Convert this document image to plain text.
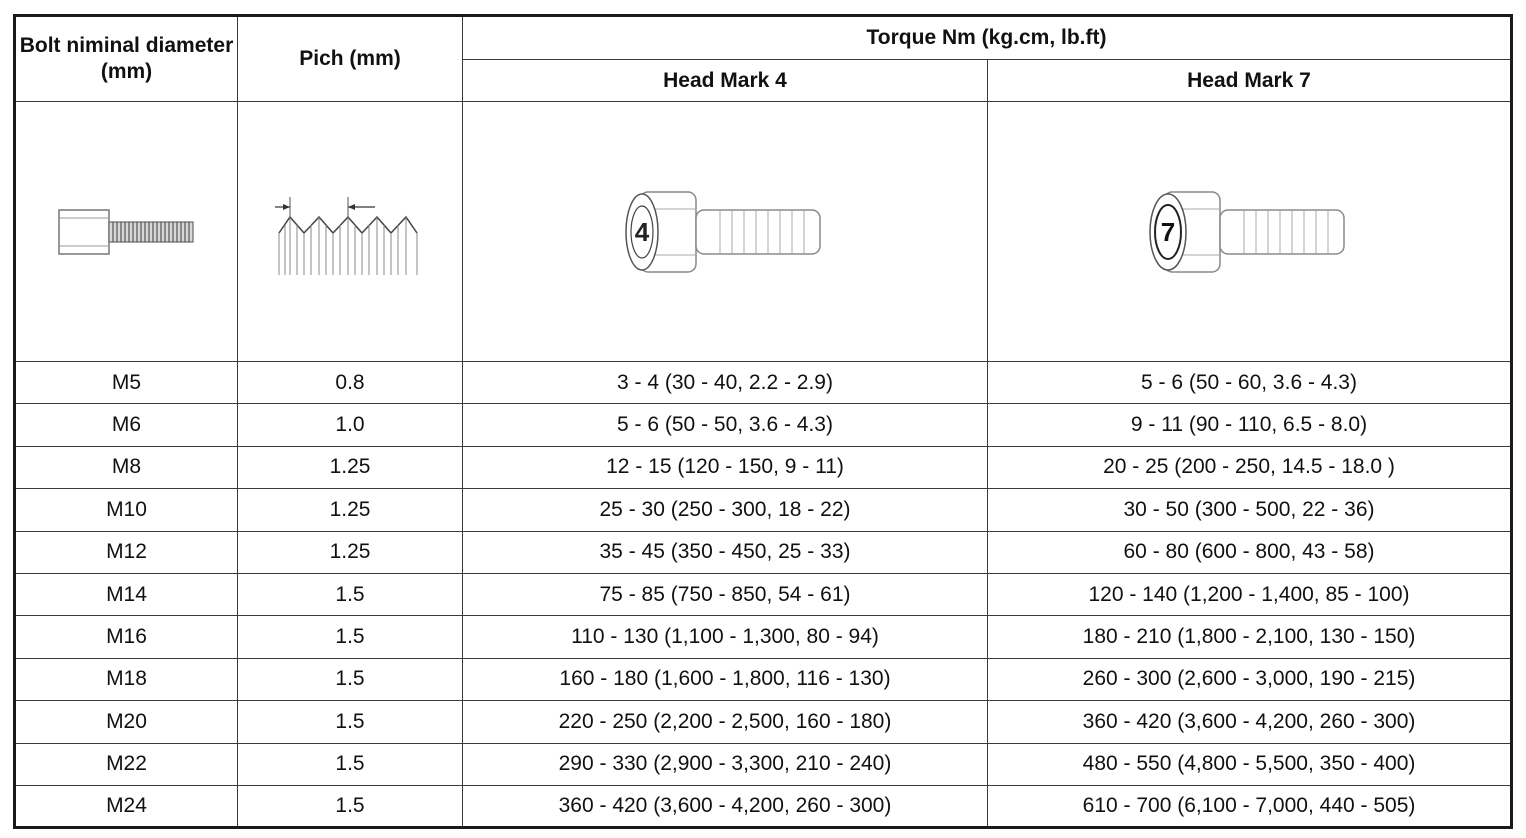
Bolt niminal diameter (mm)	Pich (mm)	Torque Nm (kg.cm, lb.ft)	
		Head Mark 4	Head Mark 7

4	7

M5	0.8	3 - 4 (30 - 40, 2.2 - 2.9)	5 - 6 (50 - 60, 3.6 - 4.3)
M6	1.0	5 - 6 (50 - 50, 3.6 - 4.3)	9 - 11 (90 - 110, 6.5 - 8.0)
M8	1.25	12 - 15 (120 - 150, 9 - 11)	20 - 25 (200 - 250, 14.5 - 18.0 )
M10	1.25	25 - 30 (250 - 300, 18 - 22)	30 - 50 (300 - 500, 22 - 36)
M12	1.25	35 - 45 (350 - 450, 25 - 33)	60 - 80 (600 - 800, 43 - 58)
M14	1.5	75 - 85 (750 - 850, 54 - 61)	120 - 140 (1,200 - 1,400, 85 - 100)
M16	1.5	110 - 130 (1,100 - 1,300, 80 - 94)	180 - 210 (1,800 - 2,100, 130 - 150)
M18	1.5	160 - 180 (1,600 - 1,800, 116 - 130)	260 - 300 (2,600 - 3,000, 190 - 215)
M20	1.5	220 - 250 (2,200 - 2,500, 160 - 180)	360 - 420 (3,600 - 4,200, 260 - 300)
M22	1.5	290 - 330 (2,900 - 3,300, 210 - 240)	480 - 550 (4,800 - 5,500, 350 - 400)
M24	1.5	360 - 420 (3,600 - 4,200, 260 - 300)	610 - 700 (6,100 - 7,000, 440 - 505)
